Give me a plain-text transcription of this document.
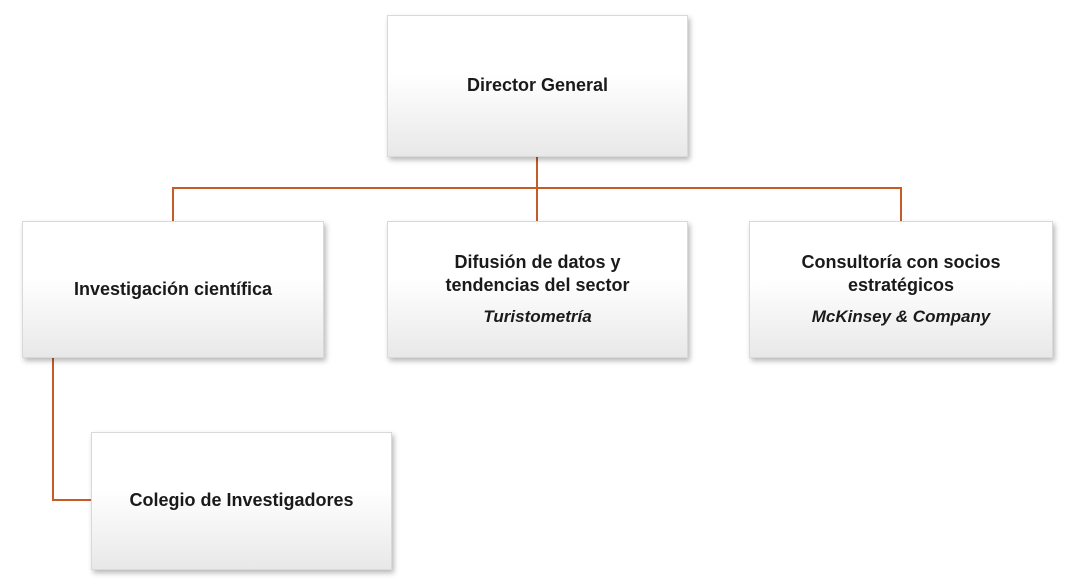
Director General
Investigación científica
Difusión de datos y tendencias del sector
Turistometría
Consultoría con socios estratégicos
McKinsey & Company
Colegio de Investigadores
